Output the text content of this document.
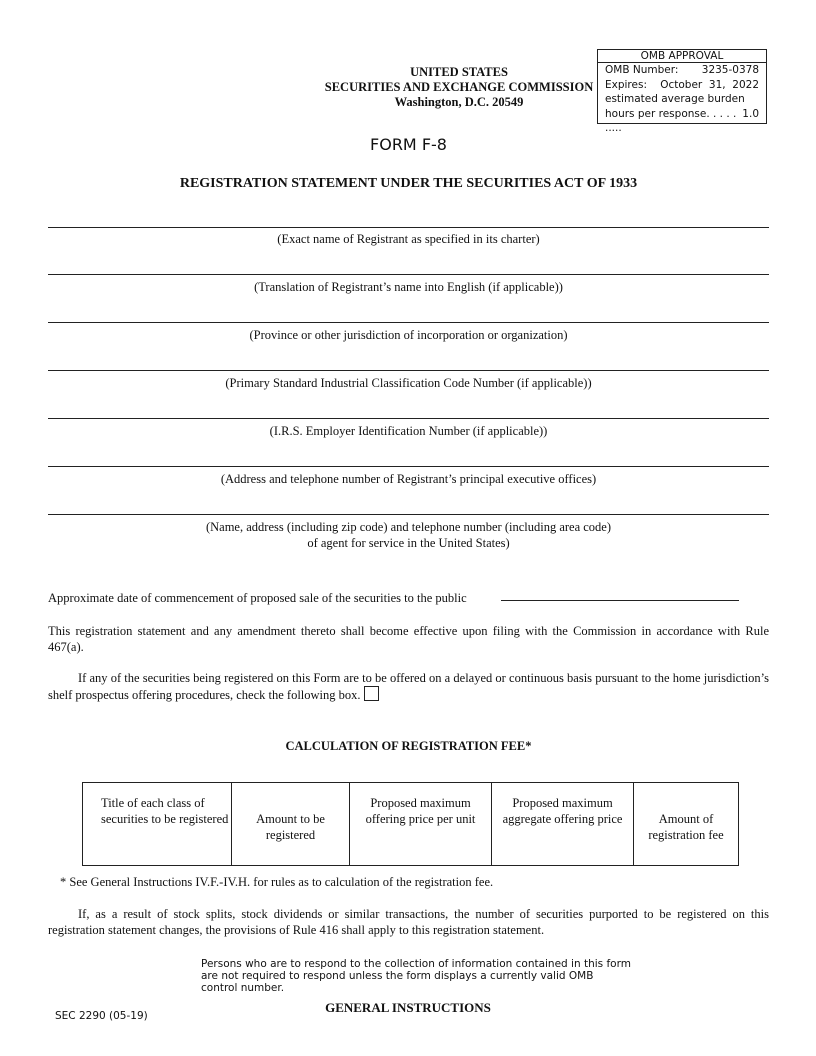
OMB APPROVAL
OMB Number: 3235-0378
Expires: October  31,  2022
estimated average burden
hours per response. . . . . .....
1.0
UNITED STATES
SECURITIES AND EXCHANGE COMMISSION
Washington, D.C. 20549
FORM F-8
REGISTRATION STATEMENT UNDER THE SECURITIES ACT OF 1933
(Exact name of Registrant as specified in its charter)
(Translation of Registrant’s name into English (if applicable))
(Province or other jurisdiction of incorporation or organization)
(Primary Standard Industrial Classification Code Number (if applicable))
(I.R.S. Employer Identification Number (if applicable))
(Address and telephone number of Registrant’s principal executive offices)
(Name, address (including zip code) and telephone number (including area code)
of agent for service in the United States)
Approximate date of commencement of proposed sale of the securities to the public
This registration statement and any amendment thereto shall become effective upon filing with the Commission in accordance with Rule 467(a).
If any of the securities being registered on this Form are to be offered on a delayed or continuous basis pursuant to the home jurisdiction’s shelf prospectus offering procedures, check the following box.
CALCULATION OF REGISTRATION FEE*
Title of each class of securities to be registered	Amount to be registered	Proposed maximum offering price per unit	Proposed maximum aggregate offering price	Amount of registration fee
* See General Instructions IV.F.-IV.H. for rules as to calculation of the registration fee.
If, as a result of stock splits, stock dividends or similar transactions, the number of securities purported to be registered on this registration statement changes, the provisions of Rule 416 shall apply to this registration statement.
Persons who are to respond to the collection of information contained in this form are not required to respond unless the form displays a currently valid OMB control number.
GENERAL INSTRUCTIONS
SEC 2290 (05-19)
